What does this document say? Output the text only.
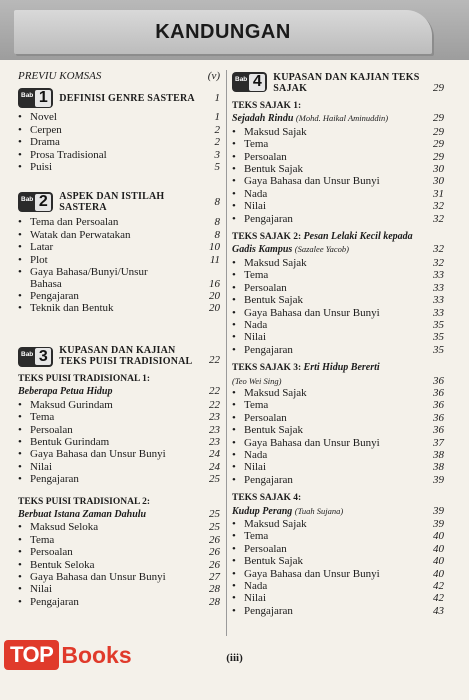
KANDUNGAN
PREVIU KOMSAS	(v)
Bab 1	DEFINISI GENRE SASTERA	1
• Novel	1
• Cerpen	2
• Drama	2
• Prosa Tradisional	3
• Puisi	5
Bab 2	ASPEK DAN ISTILAH SASTERA	8
• Tema dan Persoalan	8
• Watak dan Perwatakan	8
• Latar	10
• Plot	11
• Gaya Bahasa/Bunyi/Unsur
Bahasa	16
• Pengajaran	20
• Teknik dan Bentuk	20
Bab 3	KUPASAN DAN KAJIAN
TEKS PUISI TRADISIONAL	22
TEKS PUISI TRADISIONAL 1:
Beberapa Petua Hidup	22
• Maksud Gurindam	22
• Tema	23
• Persoalan	23
• Bentuk Gurindam	23
• Gaya Bahasa dan Unsur Bunyi	24
• Nilai	24
• Pengajaran	25
TEKS PUISI TRADISIONAL 2:
Berbuat Istana Zaman Dahulu	25
• Maksud Seloka	25
• Tema	26
• Persoalan	26
• Bentuk Seloka	26
• Gaya Bahasa dan Unsur Bunyi	27
• Nilai	28
• Pengajaran	28
Bab 4	KUPASAN DAN KAJIAN TEKS
SAJAK	29
TEKS SAJAK 1:
Sejadah Rindu (Mohd. Haikal Aminuddin)	29
• Maksud Sajak	29
• Tema	29
• Persoalan	29
• Bentuk Sajak	30
• Gaya Bahasa dan Unsur Bunyi	30
• Nada	31
• Nilai	32
• Pengajaran	32
TEKS SAJAK 2:
Pesan Lelaki Kecil kepada
Gadis Kampus (Sazalee Yacob)	32
• Maksud Sajak	32
• Tema	33
• Persoalan	33
• Bentuk Sajak	33
• Gaya Bahasa dan Unsur Bunyi	33
• Nada	35
• Nilai	35
• Pengajaran	35
TEKS SAJAK 3:
Erti Hidup Bererti
(Teo Wei Sing)	36
• Maksud Sajak	36
• Tema	36
• Persoalan	36
• Bentuk Sajak	36
• Gaya Bahasa dan Unsur Bunyi	37
• Nada	38
• Nilai	38
• Pengajaran	39
TEKS SAJAK 4:
Kudup Perang (Tuah Sujana)	39
• Maksud Sajak	39
• Tema	40
• Persoalan	40
• Bentuk Sajak	40
• Gaya Bahasa dan Unsur Bunyi	40
• Nada	42
• Nilai	42
• Pengajaran	43
(iii)
TOP Books
